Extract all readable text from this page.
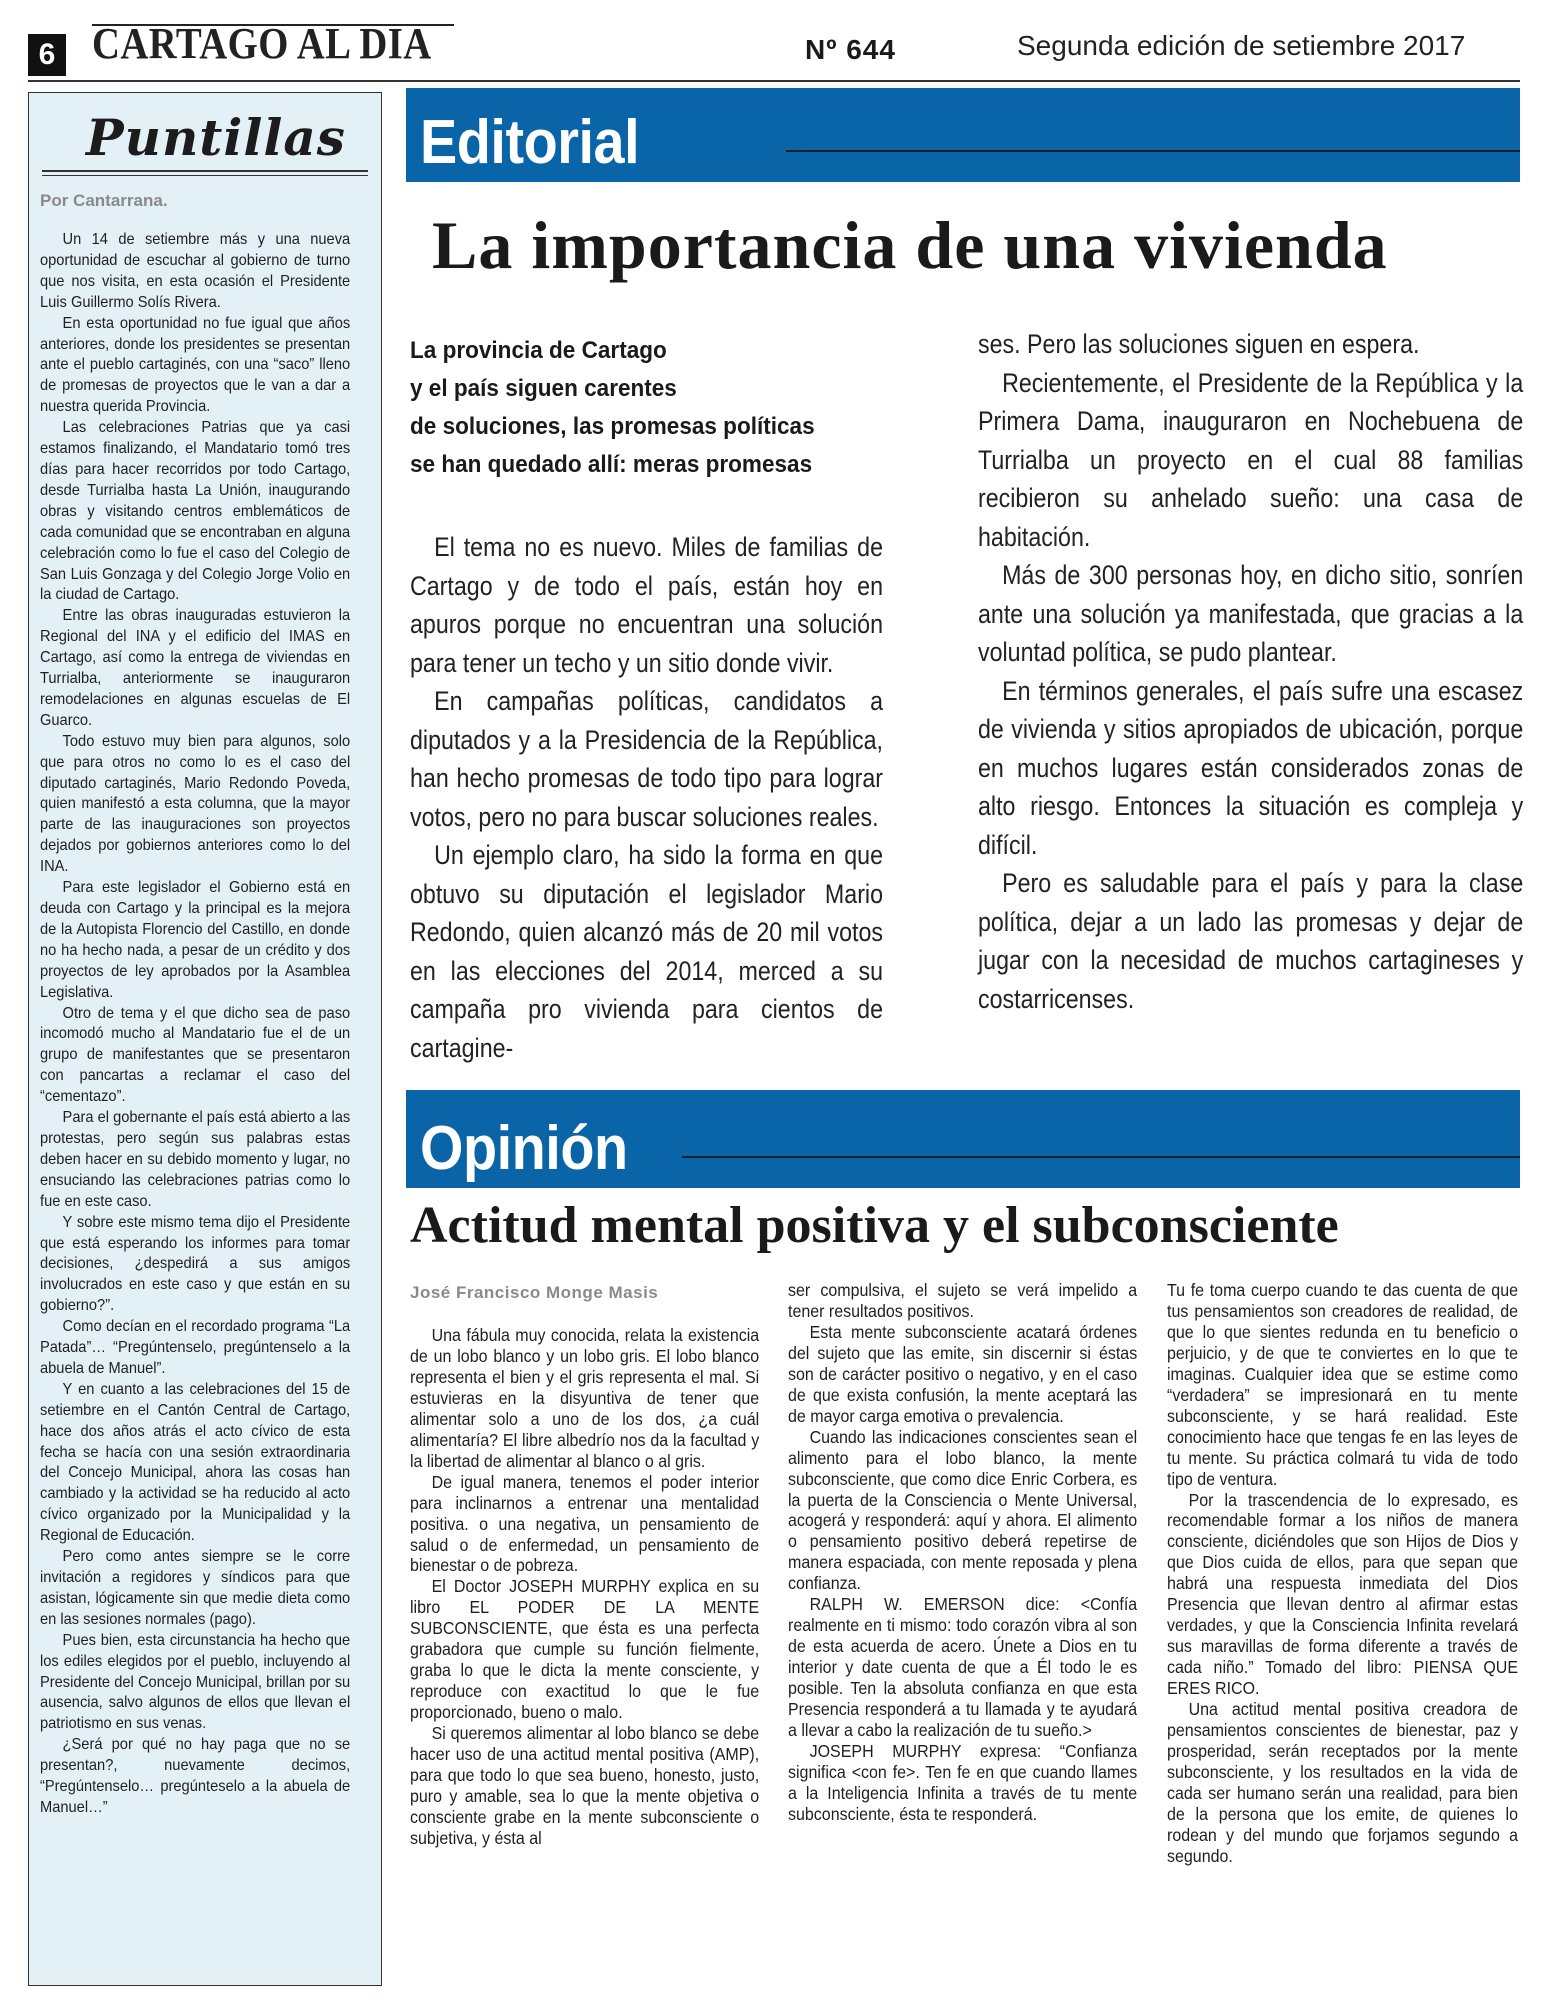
6 CARTAGO AL DIA	Nº 644	Segunda edición de setiembre 2017
Puntillas
Por Cantarrana.

Un 14 de setiembre más y una nueva oportunidad de escuchar al gobierno de turno que nos visita, en esta ocasión el Presidente Luis Guillermo Solís Rivera.

En esta oportunidad no fue igual que años anteriores, donde los presidentes se presentan ante el pueblo cartaginés, con una “saco” lleno de promesas de proyectos que le van a dar a nuestra querida Provincia.

Las celebraciones Patrias que ya casi estamos finalizando, el Mandatario tomó tres días para hacer recorridos por todo Cartago, desde Turrialba hasta La Unión, inaugurando obras y visitando centros emblemáticos de cada comunidad que se encontraban en alguna celebración como lo fue el caso del Colegio de San Luis Gonzaga y del Colegio Jorge Volio en la ciudad de Cartago.

Entre las obras inauguradas estuvieron la Regional del INA y el edificio del IMAS en Cartago, así como la entrega de viviendas en Turrialba, anteriormente se inauguraron remodelaciones en algunas escuelas de El Guarco.

Todo estuvo muy bien para algunos, solo que para otros no como lo es el caso del diputado cartaginés, Mario Redondo Poveda, quien manifestó a esta columna, que la mayor parte de las inauguraciones son proyectos dejados por gobiernos anteriores como lo del INA.

Para este legislador el Gobierno está en deuda con Cartago y la principal es la mejora de la Autopista Florencio del Castillo, en donde no ha hecho nada, a pesar de un crédito y dos proyectos de ley aprobados por la Asamblea Legislativa.

Otro de tema y el que dicho sea de paso incomodó mucho al Mandatario fue el de un grupo de manifestantes que se presentaron con pancartas a reclamar el caso del “cementazo”.

Para el gobernante el país está abierto a las protestas, pero según sus palabras estas deben hacer en su debido momento y lugar, no ensuciando las celebraciones patrias como lo fue en este caso.

Y sobre este mismo tema dijo el Presidente que está esperando los informes para tomar decisiones, ¿despedirá a sus amigos involucrados en este caso y que están en su gobierno?”.

Como decían en el recordado programa “La Patada”… “Pregúntenselo, pregúntenselo a la abuela de Manuel”.

Y en cuanto a las celebraciones del 15 de setiembre en el Cantón Central de Cartago, hace dos años atrás el acto cívico de esta fecha se hacía con una sesión extraordinaria del Concejo Municipal, ahora las cosas han cambiado y la actividad se ha reducido al acto cívico organizado por la Municipalidad y la Regional de Educación.

Pero como antes siempre se le corre invitación a regidores y síndicos para que asistan, lógicamente sin que medie dieta como en las sesiones normales (pago).

Pues bien, esta circunstancia ha hecho que los ediles elegidos por el pueblo, incluyendo al Presidente del Concejo Municipal, brillan por su ausencia, salvo algunos de ellos que llevan el patriotismo en sus venas.

¿Será por qué no hay paga que no se presentan?, nuevamente decimos, “Pregúntenselo… pregúnteselo a la abuela de Manuel…”

Editorial
La importancia de una vivienda
La provincia de Cartago
y el país siguen carentes
de soluciones, las promesas políticas
se han quedado allí: meras promesas

El tema no es nuevo. Miles de familias de Cartago y de todo el país, están hoy en apuros porque no encuentran una solución para tener un techo y un sitio donde vivir.

En campañas políticas, candidatos a diputados y a la Presidencia de la República, han hecho promesas de todo tipo para lograr votos, pero no para buscar soluciones reales.

Un ejemplo claro, ha sido la forma en que obtuvo su diputación el legislador Mario Redondo, quien alcanzó más de 20 mil votos en las elecciones del 2014, merced a su campaña pro vivienda para cientos de cartagine-

ses. Pero las soluciones siguen en espera.

Recientemente, el Presidente de la República y la Primera Dama, inauguraron en Nochebuena de Turrialba un proyecto en el cual 88 familias recibieron su anhelado sueño: una casa de habitación.

Más de 300 personas hoy, en dicho sitio, sonríen ante una solución ya manifestada, que gracias a la voluntad política, se pudo plantear.

En términos generales, el país sufre una escasez de vivienda y sitios apropiados de ubicación, porque en muchos lugares están considerados zonas de alto riesgo. Entonces la situación es compleja y difícil.

Pero es saludable para el país y para la clase política, dejar a un lado las promesas y dejar de jugar con la necesidad de muchos cartagineses y costarricenses.

Opinión
Actitud mental positiva y el subconsciente
José Francisco Monge Masis

Una fábula muy conocida, relata la existencia de un lobo blanco y un lobo gris. El lobo blanco representa el bien y el gris representa el mal. Si estuvieras en la disyuntiva de tener que alimentar solo a uno de los dos, ¿a cuál alimentaría? El libre albedrío nos da la facultad y la libertad de alimentar al blanco o al gris.

De igual manera, tenemos el poder interior para inclinarnos a entrenar una mentalidad positiva. o una negativa, un pensamiento de salud o de enfermedad, un pensamiento de bienestar o de pobreza.

El Doctor JOSEPH MURPHY explica en su libro EL PODER DE LA MENTE SUBCONSCIENTE, que ésta es una perfecta grabadora que cumple su función fielmente, graba lo que le dicta la mente consciente, y reproduce con exactitud lo que le fue proporcionado, bueno o malo.

Si queremos alimentar al lobo blanco se debe hacer uso de una actitud mental positiva (AMP), para que todo lo que sea bueno, honesto, justo, puro y amable, sea lo que la mente objetiva o consciente grabe en la mente subconsciente o subjetiva, y ésta al

ser compulsiva, el sujeto se verá impelido a tener resultados positivos.

Esta mente subconsciente acatará órdenes del sujeto que las emite, sin discernir si éstas son de carácter positivo o negativo, y en el caso de que exista confusión, la mente aceptará las de mayor carga emotiva o prevalencia.

Cuando las indicaciones conscientes sean el alimento para el lobo blanco, la mente subconsciente, que como dice Enric Corbera, es la puerta de la Consciencia o Mente Universal, acogerá y responderá: aquí y ahora. El alimento o pensamiento positivo deberá repetirse de manera espaciada, con mente reposada y plena confianza.

RALPH W. EMERSON dice: <Confía realmente en ti mismo: todo corazón vibra al son de esta acuerda de acero. Únete a Dios en tu interior y date cuenta de que a Él todo le es posible. Ten la absoluta confianza en que esta Presencia responderá a tu llamada y te ayudará a llevar a cabo la realización de tu sueño.>

JOSEPH MURPHY expresa: “Confianza significa <con fe>. Ten fe en que cuando llames a la Inteligencia Infinita a través de tu mente subconsciente, ésta te responderá.

Tu fe toma cuerpo cuando te das cuenta de que tus pensamientos son creadores de realidad, de que lo que sientes redunda en tu beneficio o perjuicio, y de que te conviertes en lo que te imaginas. Cualquier idea que se estime como “verdadera” se impresionará en tu mente subconsciente, y se hará realidad. Este conocimiento hace que tengas fe en las leyes de tu mente. Su práctica colmará tu vida de todo tipo de ventura.

Por la trascendencia de lo expresado, es recomendable formar a los niños de manera consciente, diciéndoles que son Hijos de Dios y que Dios cuida de ellos, para que sepan que habrá una respuesta inmediata del Dios Presencia que llevan dentro al afirmar estas verdades, y que la Consciencia Infinita revelará sus maravillas de forma diferente a través de cada niño.” Tomado del libro: PIENSA QUE ERES RICO.

Una actitud mental positiva creadora de pensamientos conscientes de bienestar, paz y prosperidad, serán receptados por la mente subconsciente, y los resultados en la vida de cada ser humano serán una realidad, para bien de la persona que los emite, de quienes lo rodean y del mundo que forjamos segundo a segundo.
